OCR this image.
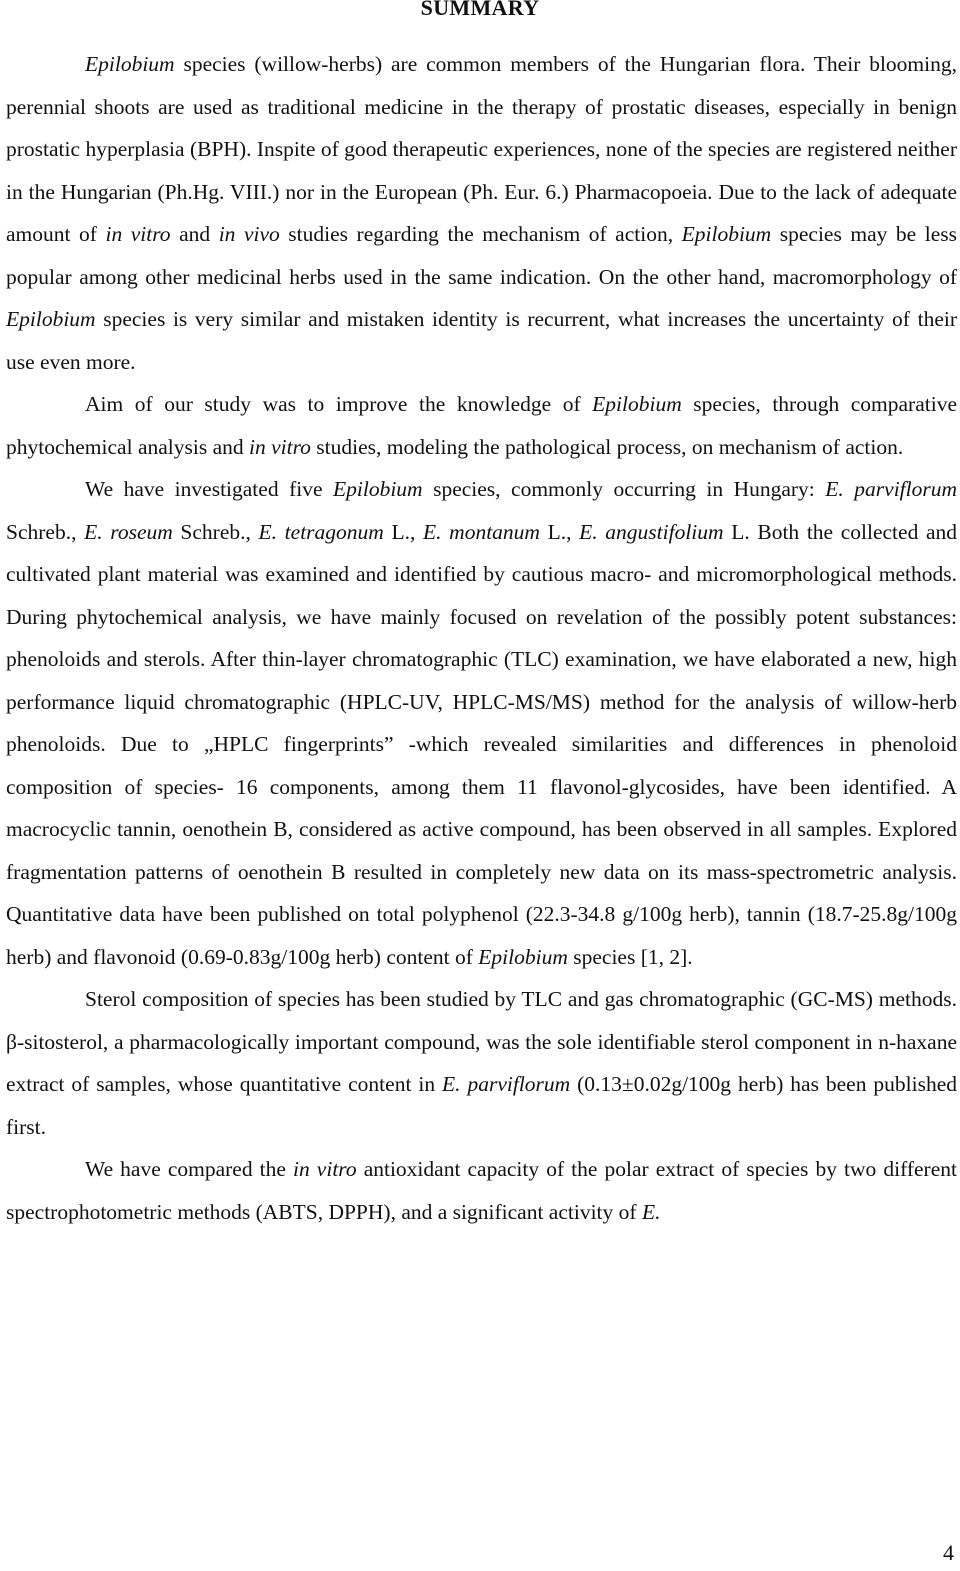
SUMMARY

Epilobium species (willow-herbs) are common members of the Hungarian flora. Their blooming, perennial shoots are used as traditional medicine in the therapy of prostatic diseases, especially in benign prostatic hyperplasia (BPH). Inspite of good therapeutic experiences, none of the species are registered neither in the Hungarian (Ph.Hg. VIII.) nor in the European (Ph. Eur. 6.) Pharmacopoeia. Due to the lack of adequate amount of in vitro and in vivo studies regarding the mechanism of action, Epilobium species may be less popular among other medicinal herbs used in the same indication. On the other hand, macromorphology of Epilobium species is very similar and mistaken identity is recurrent, what increases the uncertainty of their use even more.

Aim of our study was to improve the knowledge of Epilobium species, through comparative phytochemical analysis and in vitro studies, modeling the pathological process, on mechanism of action.

We have investigated five Epilobium species, commonly occurring in Hungary: E. parviflorum Schreb., E. roseum Schreb., E. tetragonum L., E. montanum L., E. angustifolium L. Both the collected and cultivated plant material was examined and identified by cautious macro- and micromorphological methods. During phytochemical analysis, we have mainly focused on revelation of the possibly potent substances: phenoloids and sterols. After thin-layer chromatographic (TLC) examination, we have elaborated a new, high performance liquid chromatographic (HPLC-UV, HPLC-MS/MS) method for the analysis of willow-herb phenoloids. Due to „HPLC fingerprints” -which revealed similarities and differences in phenoloid composition of species- 16 components, among them 11 flavonol-glycosides, have been identified. A macrocyclic tannin, oenothein B, considered as active compound, has been observed in all samples. Explored fragmentation patterns of oenothein B resulted in completely new data on its mass-spectrometric analysis. Quantitative data have been published on total polyphenol (22.3-34.8 g/100g herb), tannin (18.7-25.8g/100g herb) and flavonoid (0.69-0.83g/100g herb) content of Epilobium species [1, 2].

Sterol composition of species has been studied by TLC and gas chromatographic (GC-MS) methods. β-sitosterol, a pharmacologically important compound, was the sole identifiable sterol component in n-haxane extract of samples, whose quantitative content in E. parviflorum (0.13±0.02g/100g herb) has been published first.

We have compared the in vitro antioxidant capacity of the polar extract of species by two different spectrophotometric methods (ABTS, DPPH), and a significant activity of E.

4
